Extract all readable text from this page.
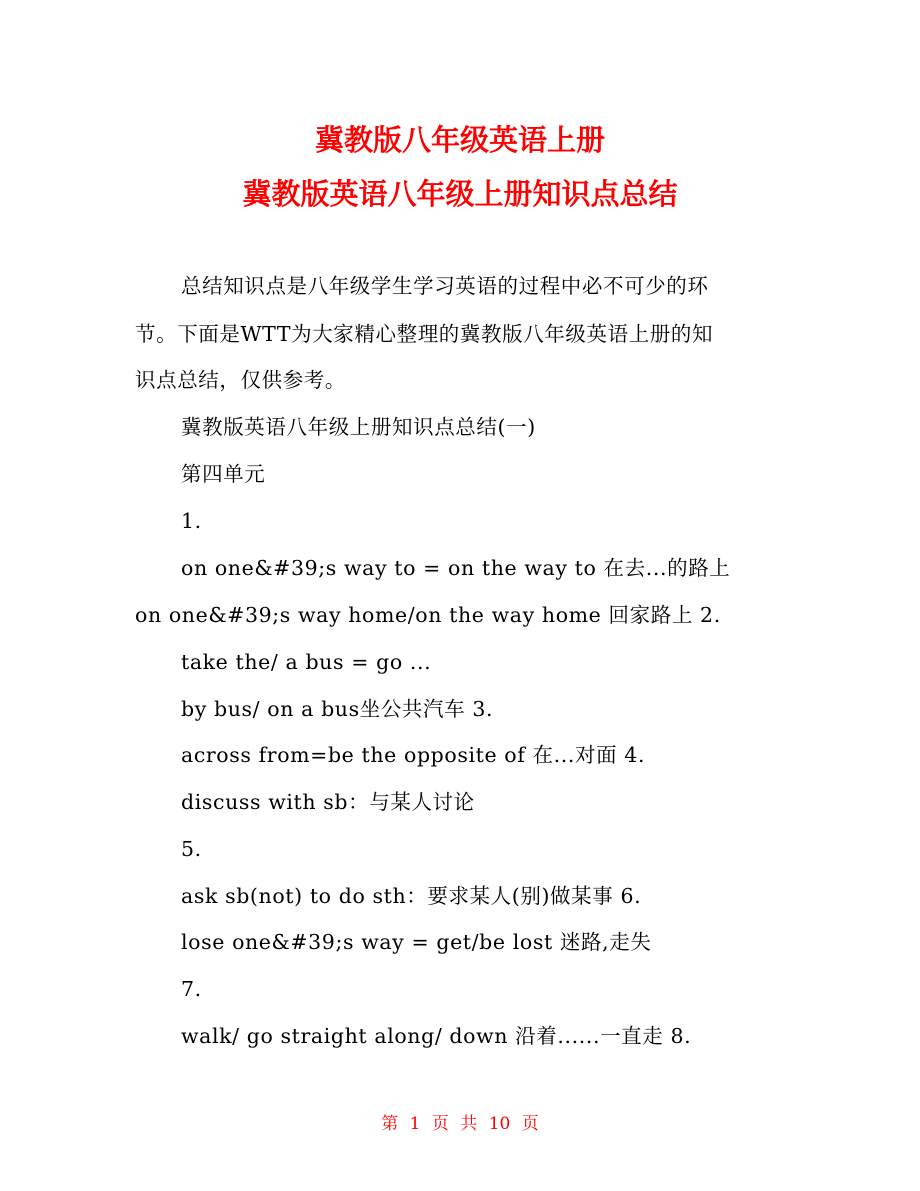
冀教版八年级英语上册
冀教版英语八年级上册知识点总结
总结知识点是八年级学生学习英语的过程中必不可少的环
节。下面是WTT为大家精心整理的冀教版八年级英语上册的知
识点总结，仅供参考。
冀教版英语八年级上册知识点总结(一)
第四单元
1.
on one&#39;s way to = on the way to 在去...的路上
on one&#39;s way home/on the way home 回家路上 2.
take the/ a bus = go ...
by bus/ on a bus坐公共汽车 3.
across from=be the opposite of 在...对面 4.
discuss with sb：与某人讨论
5.
ask sb(not) to do sth：要求某人(别)做某事 6.
lose one&#39;s way = get/be lost 迷路,走失
7.
walk/ go straight along/ down 沿着......一直走 8.
第 1 页 共 10 页
